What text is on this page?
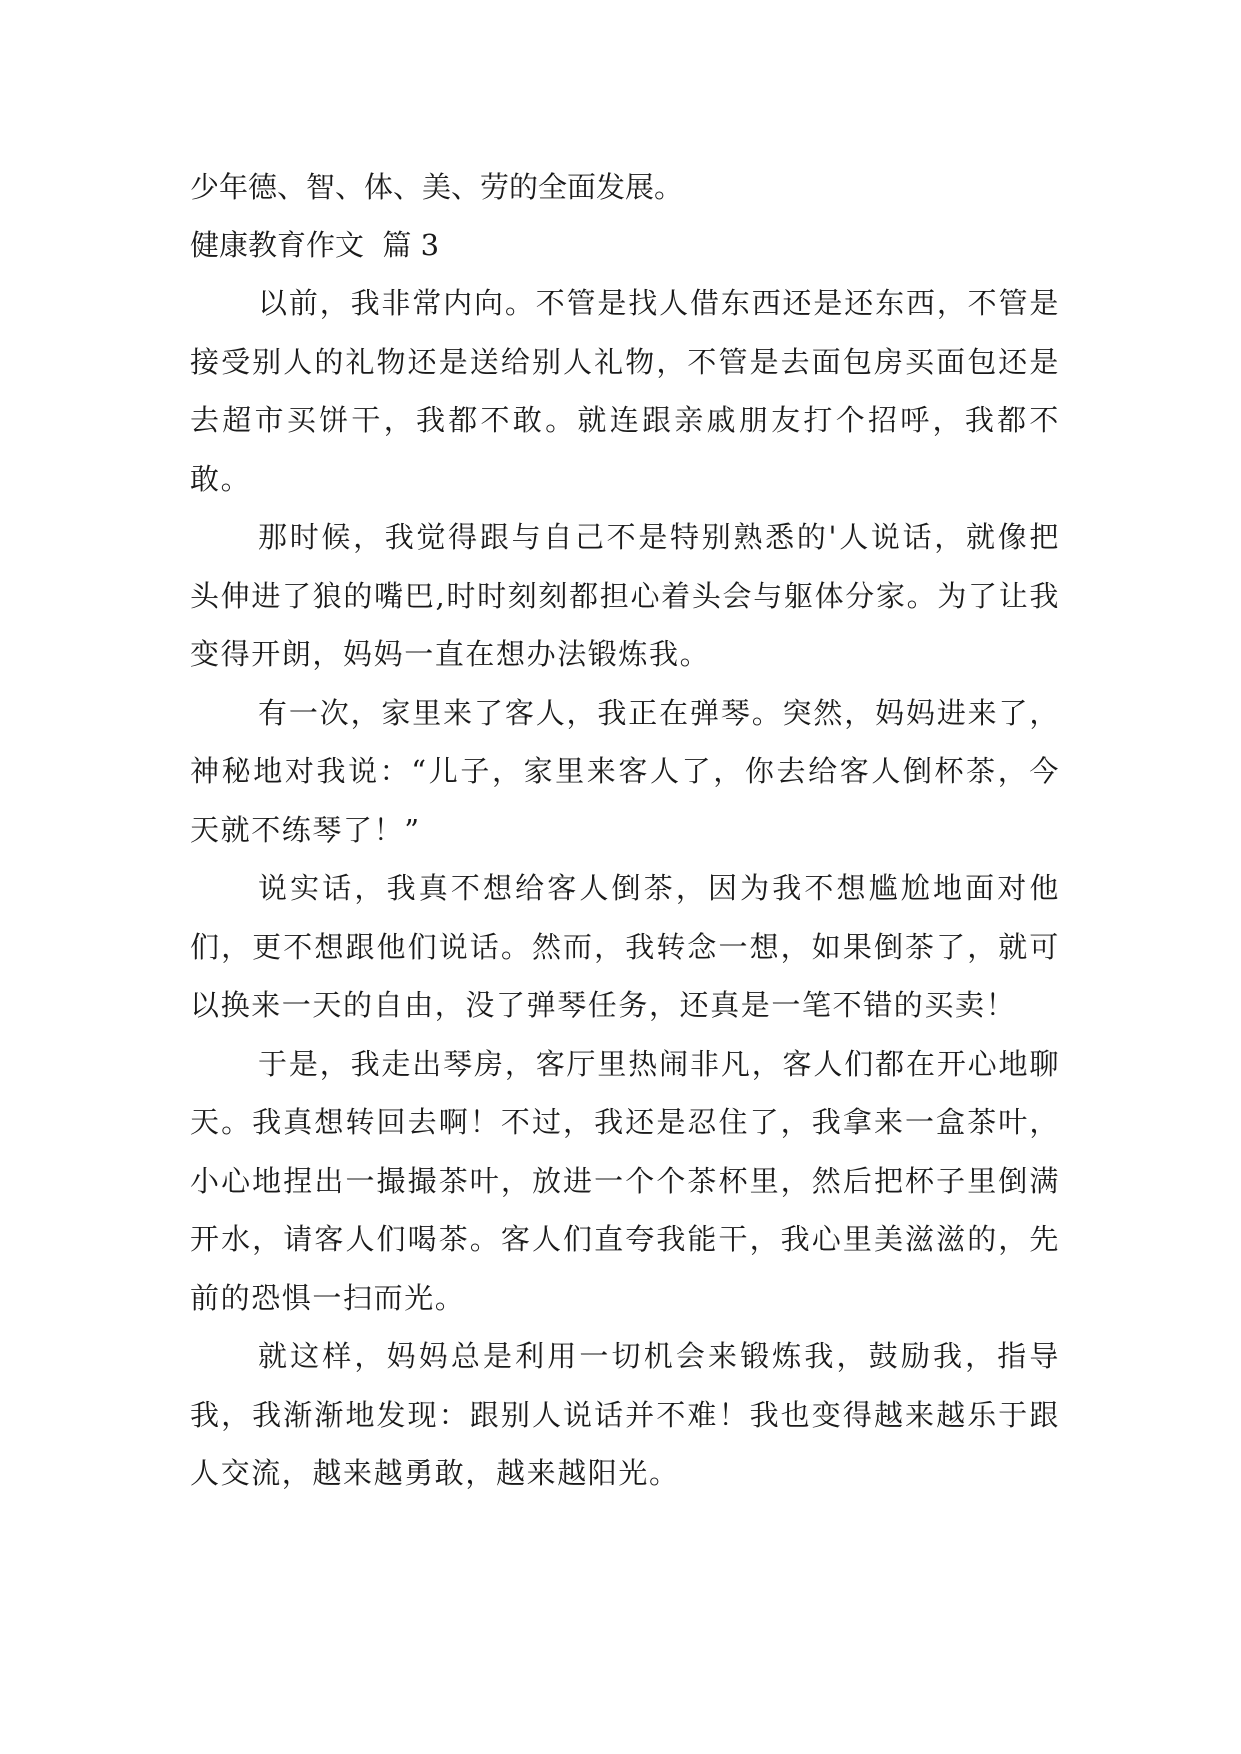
少年德、智、体、美、劳的全面发展。

健康教育作文  篇 3

以前，我非常内向。不管是找人借东西还是还东西，不管是接受别人的礼物还是送给别人礼物，不管是去面包房买面包还是去超市买饼干，我都不敢。就连跟亲戚朋友打个招呼，我都不敢。

那时候，我觉得跟与自己不是特别熟悉的'人说话，就像把头伸进了狼的嘴巴,时时刻刻都担心着头会与躯体分家。为了让我变得开朗，妈妈一直在想办法锻炼我。

有一次，家里来了客人，我正在弹琴。突然，妈妈进来了，神秘地对我说：“儿子，家里来客人了，你去给客人倒杯茶，今天就不练琴了！”

说实话，我真不想给客人倒茶，因为我不想尴尬地面对他们，更不想跟他们说话。然而，我转念一想，如果倒茶了，就可以换来一天的自由，没了弹琴任务，还真是一笔不错的买卖！

于是，我走出琴房，客厅里热闹非凡，客人们都在开心地聊天。我真想转回去啊！不过，我还是忍住了，我拿来一盒茶叶，小心地捏出一撮撮茶叶，放进一个个茶杯里，然后把杯子里倒满开水，请客人们喝茶。客人们直夸我能干，我心里美滋滋的，先前的恐惧一扫而光。

就这样，妈妈总是利用一切机会来锻炼我，鼓励我，指导我，我渐渐地发现：跟别人说话并不难！我也变得越来越乐于跟人交流，越来越勇敢，越来越阳光。
